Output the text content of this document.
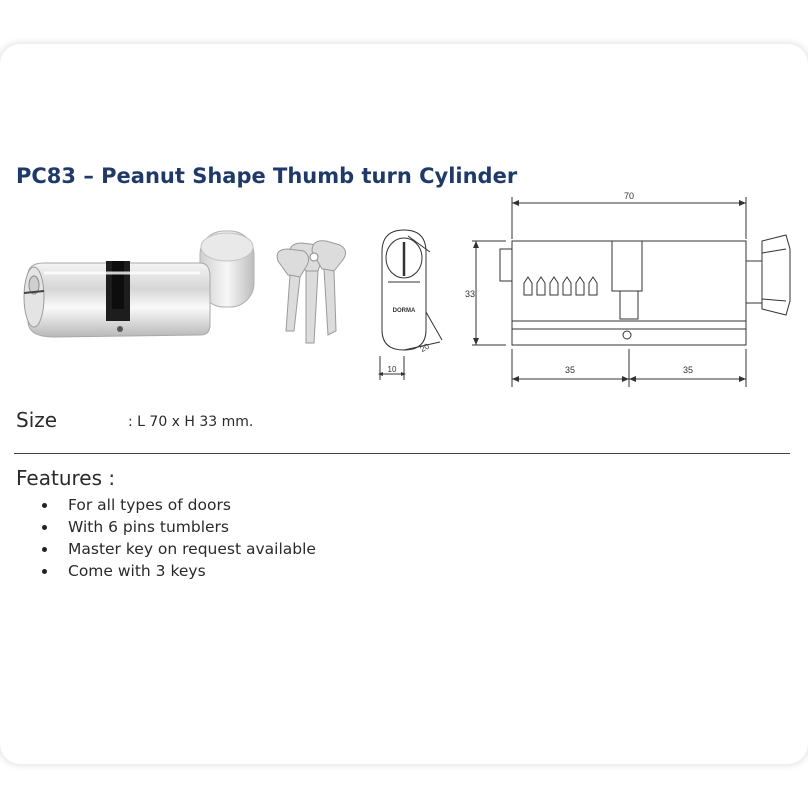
PC83 – Peanut Shape Thumb turn Cylinder
DORMA
10
20
70
33
35	35
Size	: L 70 x H 33 mm.
Features :
For all types of doors
With 6 pins tumblers
Master key on request available
Come with 3 keys
